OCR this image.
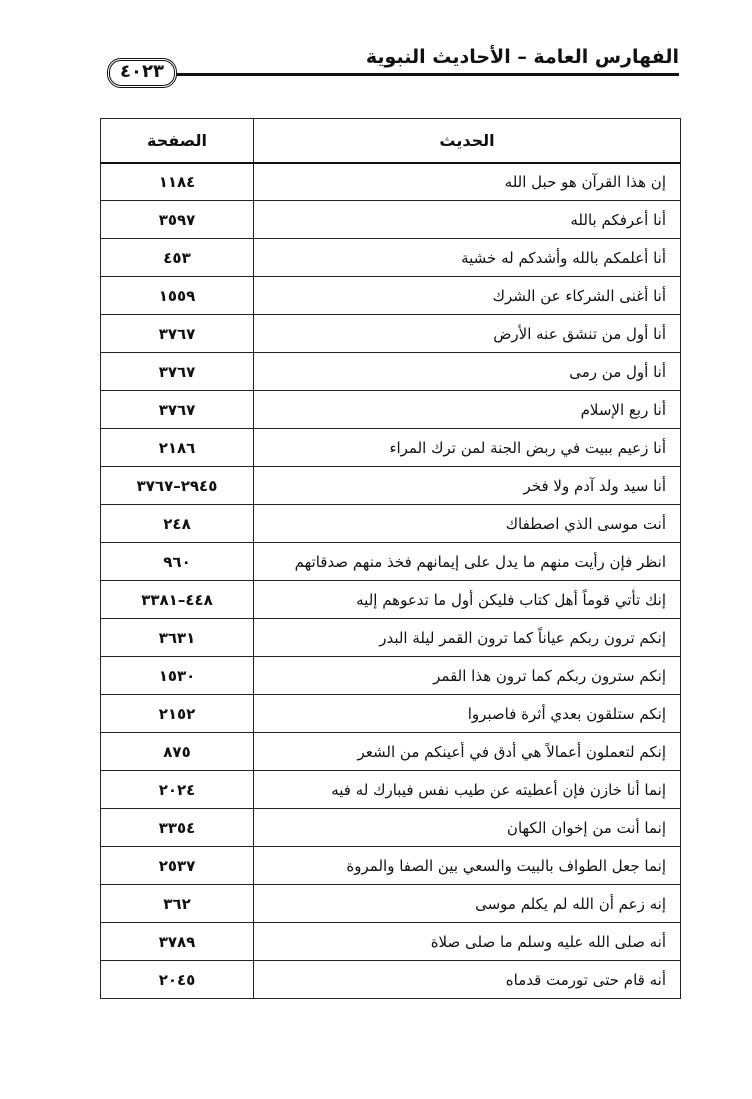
الفهارس العامة – الأحاديث النبوية
٤٠٢٣
الحديث	الصفحة
إن هذا القرآن هو حبل الله	١١٨٤
أنا أعرفكم بالله	٣٥٩٧
أنا أعلمكم بالله وأشدكم له خشية	٤٥٣
أنا أغنى الشركاء عن الشرك	١٥٥٩
أنا أول من تنشق عنه الأرض	٣٧٦٧
أنا أول من رمى	٣٧٦٧
أنا ربع الإسلام	٣٧٦٧
أنا زعيم ببيت في ربض الجنة لمن ترك المراء	٢١٨٦
أنا سيد ولد آدم ولا فخر	٢٩٤٥–٣٧٦٧
أنت موسى الذي اصطفاك	٢٤٨
انظر فإن رأيت منهم ما يدل على إيمانهم فخذ منهم صدقاتهم	٩٦٠
إنك تأتي قوماً أهل كتاب فليكن أول ما تدعوهم إليه	٤٤٨–٣٣٨١
إنكم ترون ربكم عياناً كما ترون القمر ليلة البدر	٣٦٣١
إنكم سترون ربكم كما ترون هذا القمر	١٥٣٠
إنكم ستلقون بعدي أثرة فاصبروا	٢١٥٢
إنكم لتعملون أعمالاً هي أدق في أعينكم من الشعر	٨٧٥
إنما أنا خازن فإن أعطيته عن طيب نفس فيبارك له فيه	٢٠٢٤
إنما أنت من إخوان الكهان	٣٣٥٤
إنما جعل الطواف بالبيت والسعي بين الصفا والمروة	٢٥٣٧
إنه زعم أن الله لم يكلم موسى	٣٦٢
أنه صلى الله عليه وسلم ما صلى صلاة	٣٧٨٩
أنه قام حتى تورمت قدماه	٢٠٤٥
